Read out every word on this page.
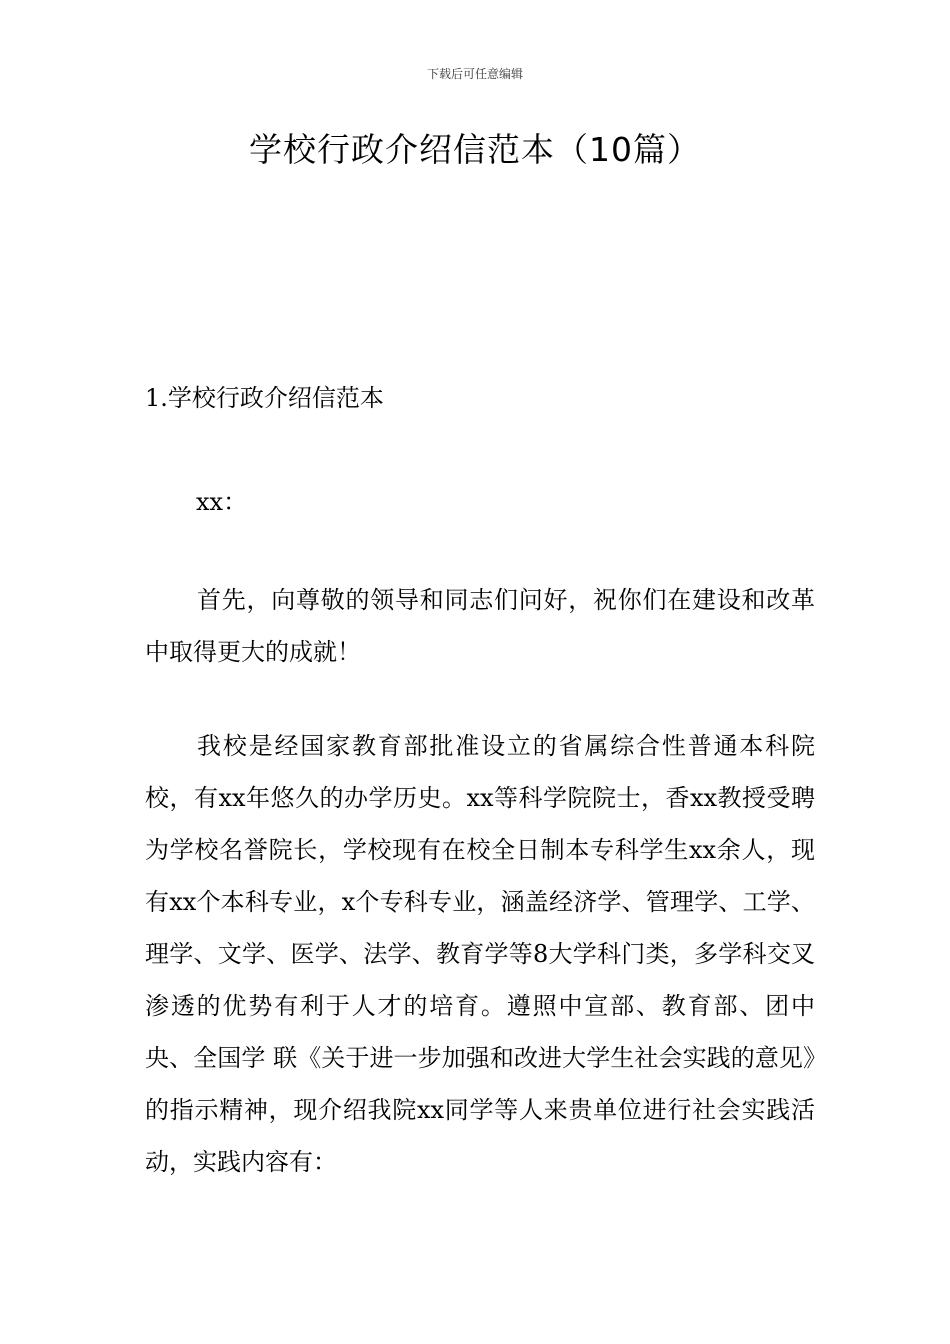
下载后可任意编辑
学校行政介绍信范本（10篇）
1.学校行政介绍信范本
xx：

首先，向尊敬的领导和同志们问好，祝你们在建设和改革中取得更大的成就！

我校是经国家教育部批准设立的省属综合性普通本科院校，有xx年悠久的办学历史。xx等科学院院士，香xx教授受聘为学校名誉院长，学校现有在校全日制本专科学生xx余人，现有xx个本科专业，x个专科专业，涵盖经济学、管理学、工学、理学、文学、医学、法学、教育学等8大学科门类，多学科交叉渗透的优势有利于人才的培育。遵照中宣部、教育部、团中央、全国学 联《关于进一步加强和改进大学生社会实践的意见》的指示精神，现介绍我院xx同学等人来贵单位进行社会实践活动，实践内容有：
